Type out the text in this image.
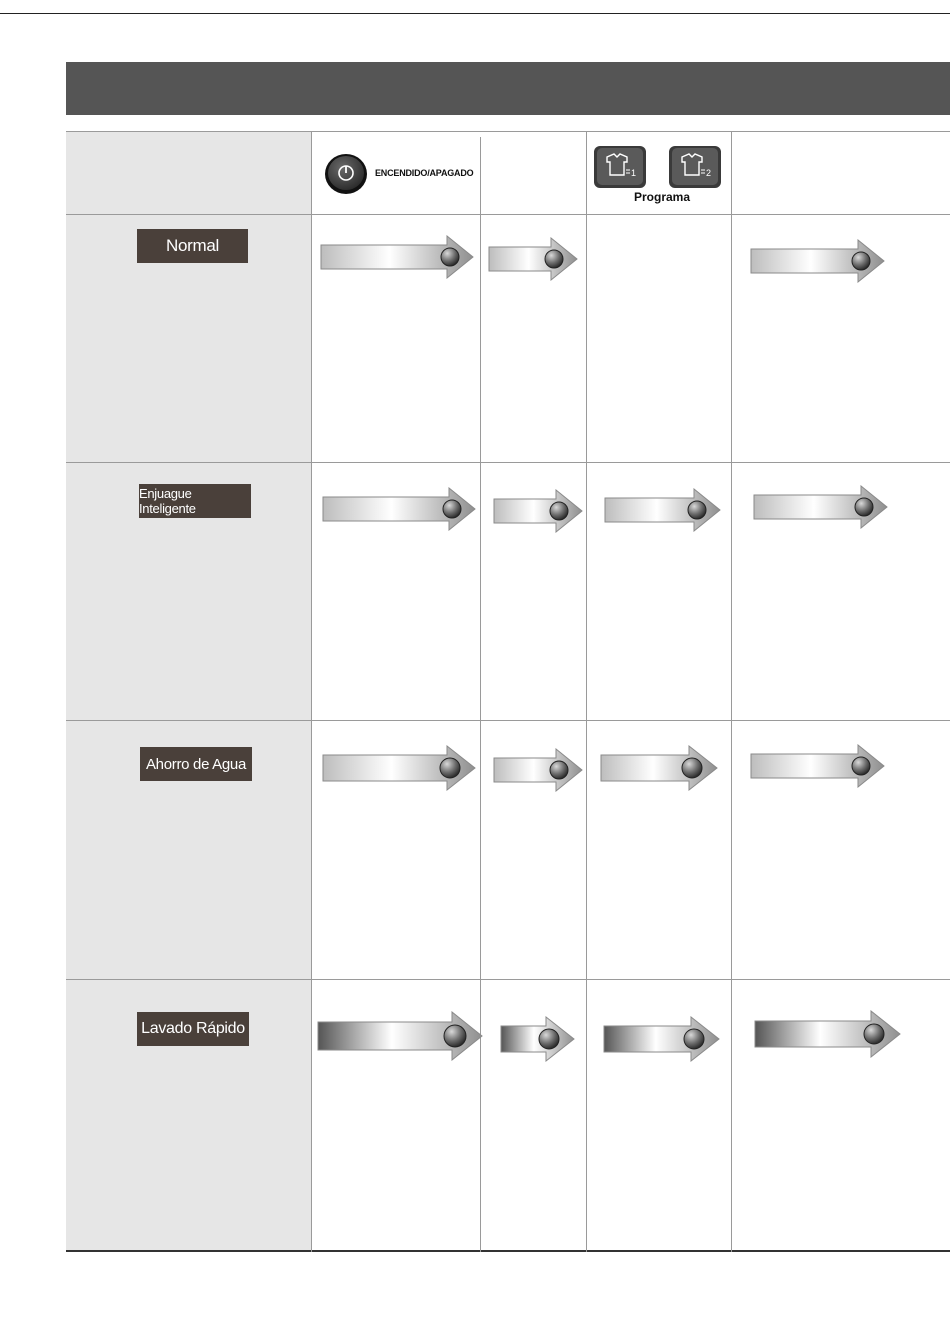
ENCENDIDO/APAGADO	1	2
Programa
Normal
Enjuague Inteligente
Ahorro de Agua
Lavado Rápido
